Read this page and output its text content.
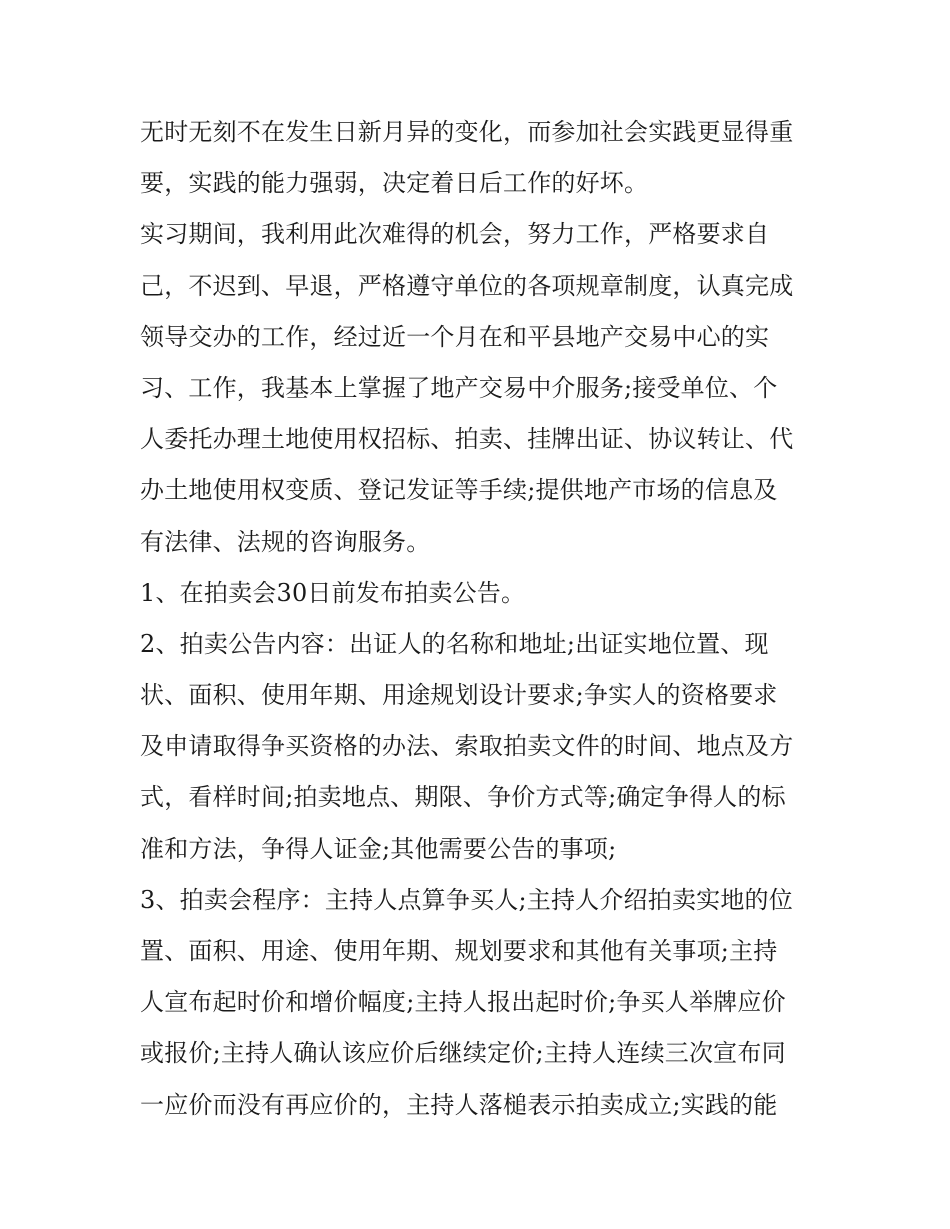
无时无刻不在发生日新月异的变化，而参加社会实践更显得重
要，实践的能力强弱，决定着日后工作的好坏。
实习期间，我利用此次难得的机会，努力工作，严格要求自
己，不迟到、早退，严格遵守单位的各项规章制度，认真完成
领导交办的工作，经过近一个月在和平县地产交易中心的实
习、工作，我基本上掌握了地产交易中介服务;接受单位、个
人委托办理土地使用权招标、拍卖、挂牌出证、协议转让、代
办土地使用权变质、登记发证等手续;提供地产市场的信息及
有法律、法规的咨询服务。
1、在拍卖会30日前发布拍卖公告。
2、拍卖公告内容：出证人的名称和地址;出证实地位置、现
状、面积、使用年期、用途规划设计要求;争实人的资格要求
及申请取得争买资格的办法、索取拍卖文件的时间、地点及方
式，看样时间;拍卖地点、期限、争价方式等;确定争得人的标
准和方法，争得人证金;其他需要公告的事项;
3、拍卖会程序：主持人点算争买人;主持人介绍拍卖实地的位
置、面积、用途、使用年期、规划要求和其他有关事项;主持
人宣布起时价和增价幅度;主持人报出起时价;争买人举牌应价
或报价;主持人确认该应价后继续定价;主持人连续三次宣布同
一应价而没有再应价的，主持人落槌表示拍卖成立;实践的能
